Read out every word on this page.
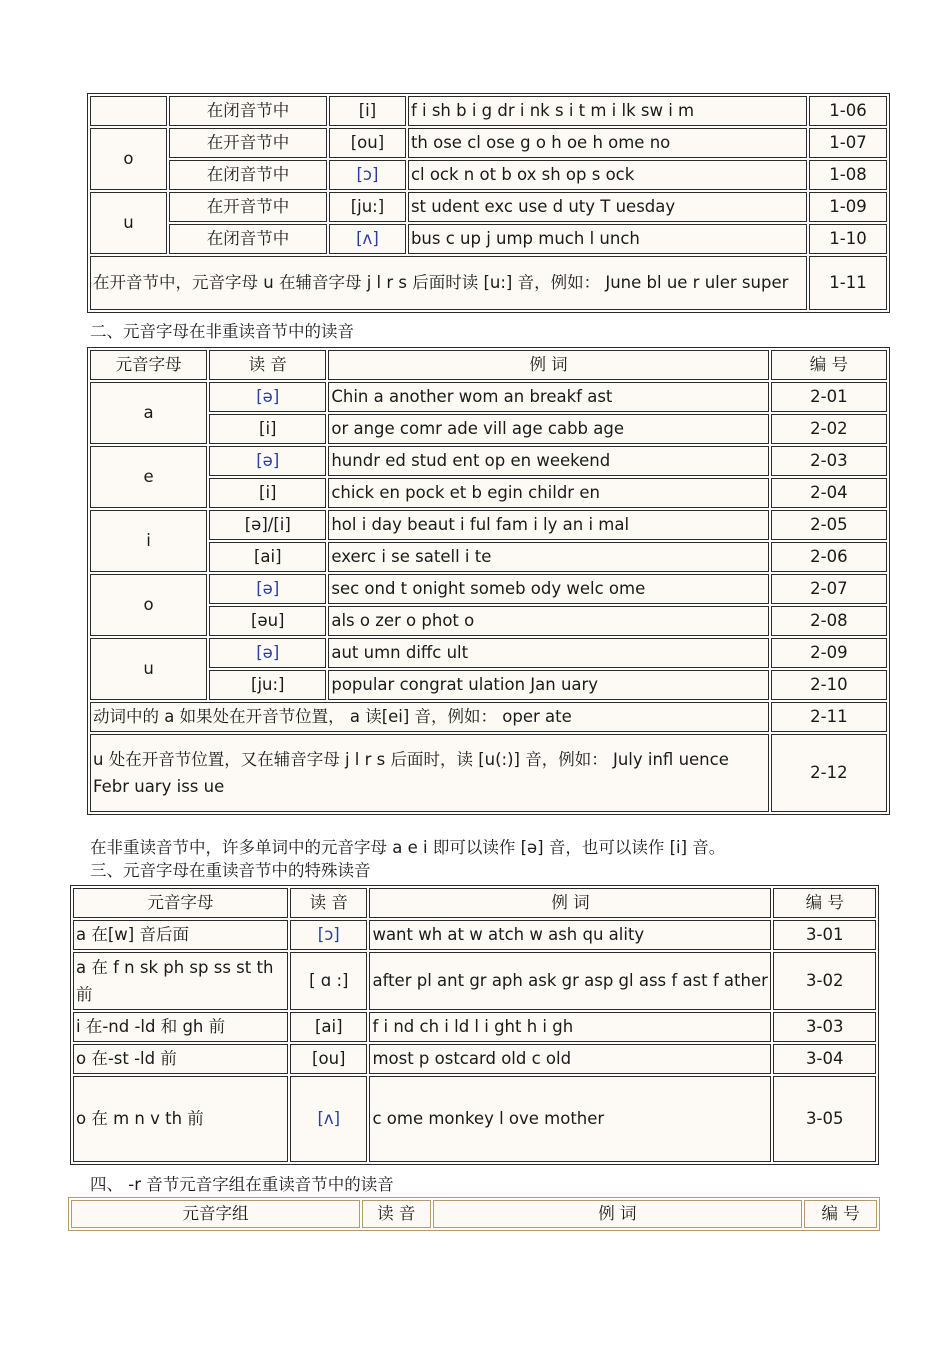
	在闭音节中	[i]	f i sh b i g dr i nk s i t m i lk sw i m	1-06
o	在开音节中	[ou]	th ose cl ose g o h oe h ome no	1-07
	在闭音节中	[ɔ]	cl ock n ot b ox sh op s ock	1-08
u	在开音节中	[ju:]	st udent exc use d uty T uesday	1-09
	在闭音节中	[ʌ]	bus c up j ump much l unch	1-10
在开音节中，元音字母 u 在辅音字母 j l r s 后面时读 [u:] 音，例如： June bl ue r uler super				1-11
二、元音字母在非重读音节中的读音
元音字母	读 音	例 词	编 号
a	[ə]	Chin a another wom an breakf ast	2-01
	[i]	or ange comr ade vill age cabb age	2-02
e	[ə]	hundr ed stud ent op en weekend	2-03
	[i]	chick en pock et b egin childr en	2-04
i	[ə]/[i]	hol i day beaut i ful fam i ly an i mal	2-05
	[ai]	exerc i se satell i te	2-06
o	[ə]	sec ond t onight someb ody welc ome	2-07
	[əu]	als o zer o phot o	2-08
u	[ə]	aut umn diffc ult	2-09
	[ju:]	popular congrat ulation Jan uary	2-10
动词中的 a 如果处在开音节位置， a 读[ei] 音，例如： oper ate			2-11
u 处在开音节位置，又在辅音字母 j l r s 后面时，读 [u(:)] 音，例如： July infl uence Febr uary iss ue			2-12
在非重读音节中，许多单词中的元音字母 a e i 即可以读作 [ə] 音，也可以读作 [i] 音。
三、元音字母在重读音节中的特殊读音
元音字母	读 音	例 词	编 号
a 在[w] 音后面	[ɔ]	want wh at w atch w ash qu ality	3-01
a 在 f n sk ph sp ss st th 前	[ ɑ :]	after pl ant gr aph ask gr asp gl ass f ast f ather	3-02
i 在-nd -ld 和 gh 前	[ai]	f i nd ch i ld l i ght h i gh	3-03
o 在-st -ld 前	[ou]	most p ostcard old c old	3-04
o 在 m n v th 前	[ʌ]	c ome monkey l ove mother	3-05
四、 -r 音节元音字组在重读音节中的读音
元音字组	读 音	例 词	编 号
